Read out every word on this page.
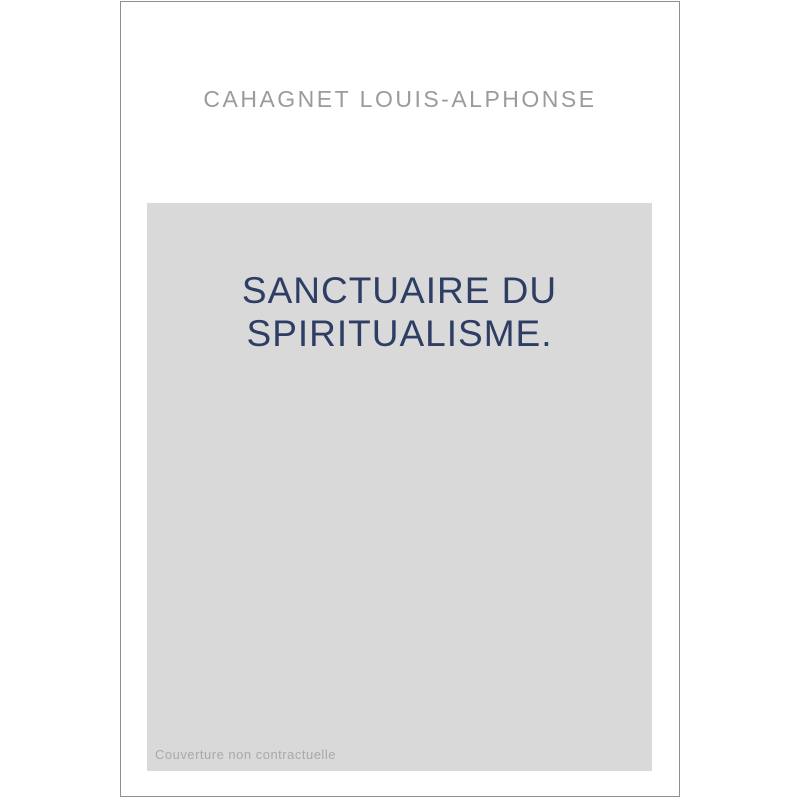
CAHAGNET LOUIS-ALPHONSE
SANCTUAIRE DU SPIRITUALISME.
Couverture non contractuelle
